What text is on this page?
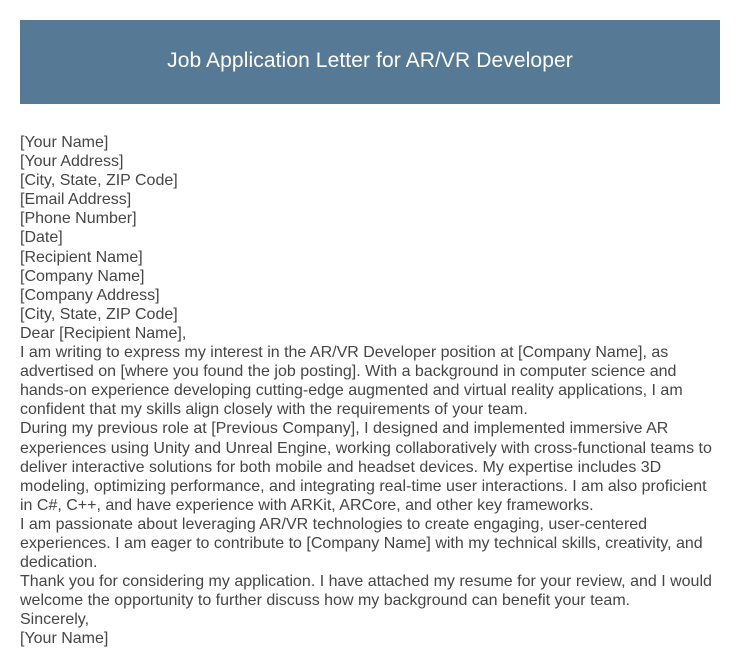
Job Application Letter for AR/VR Developer
[Your Name]
[Your Address]
[City, State, ZIP Code]
[Email Address]
[Phone Number]
[Date]
[Recipient Name]
[Company Name]
[Company Address]
[City, State, ZIP Code]
Dear [Recipient Name],
I am writing to express my interest in the AR/VR Developer position at [Company Name], as advertised on [where you found the job posting]. With a background in computer science and hands-on experience developing cutting-edge augmented and virtual reality applications, I am confident that my skills align closely with the requirements of your team.
During my previous role at [Previous Company], I designed and implemented immersive AR experiences using Unity and Unreal Engine, working collaboratively with cross-functional teams to deliver interactive solutions for both mobile and headset devices. My expertise includes 3D modeling, optimizing performance, and integrating real-time user interactions. I am also proficient in C#, C++, and have experience with ARKit, ARCore, and other key frameworks.
I am passionate about leveraging AR/VR technologies to create engaging, user-centered experiences. I am eager to contribute to [Company Name] with my technical skills, creativity, and dedication.
Thank you for considering my application. I have attached my resume for your review, and I would welcome the opportunity to further discuss how my background can benefit your team.
Sincerely,
[Your Name]
